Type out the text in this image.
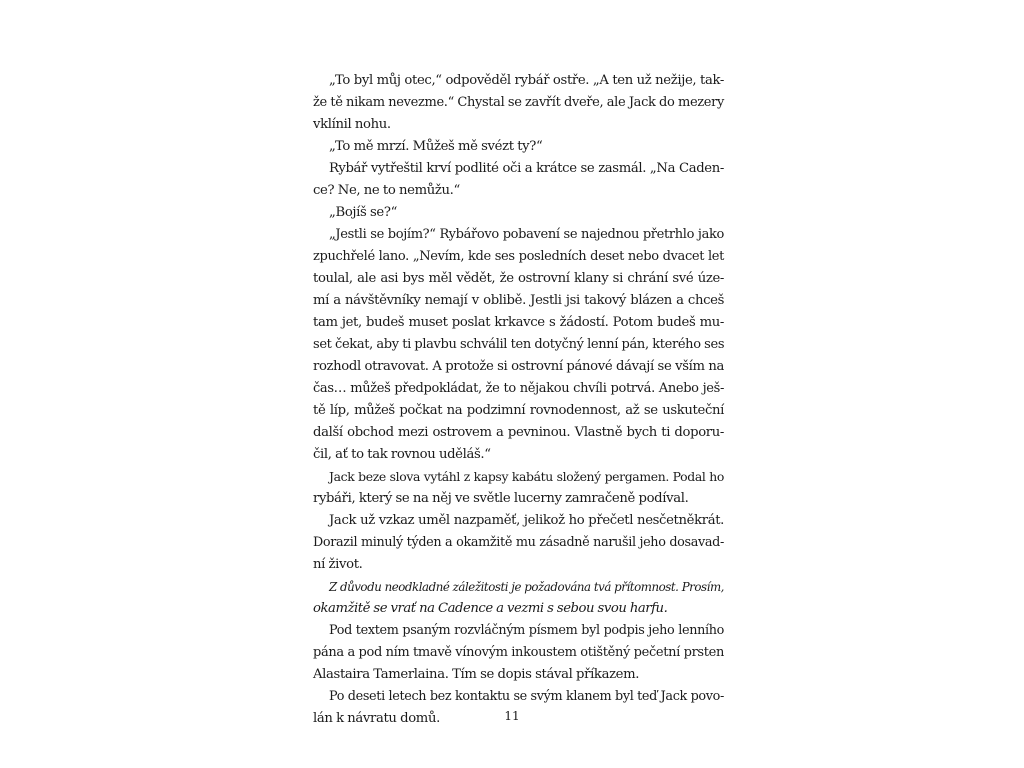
„To byl můj otec,“ odpověděl rybář ostře. „A ten už nežije, tak-
že tě nikam nevezme.“ Chystal se zavřít dveře, ale Jack do mezery
vklínil nohu.
„To mě mrzí. Můžeš mě svézt ty?“
Rybář vytřeštil krví podlité oči a krátce se zasmál. „Na Caden-
ce? Ne, ne to nemůžu.“
„Bojíš se?“
„Jestli se bojím?“ Rybářovo pobavení se najednou přetrhlo jako
zpuchřelé lano. „Nevím, kde ses posledních deset nebo dvacet let
toulal, ale asi bys měl vědět, že ostrovní klany si chrání své úze-
mí a návštěvníky nemají v oblibě. Jestli jsi takový blázen a chceš
tam jet, budeš muset poslat krkavce s žádostí. Potom budeš mu-
set čekat, aby ti plavbu schválil ten dotyčný lenní pán, kterého ses
rozhodl otravovat. A protože si ostrovní pánové dávají se vším na
čas… můžeš předpokládat, že to nějakou chvíli potrvá. Anebo ješ-
tě líp, můžeš počkat na podzimní rovnodennost, až se uskuteční
další obchod mezi ostrovem a pevninou. Vlastně bych ti doporu-
čil, ať to tak rovnou uděláš.“
Jack beze slova vytáhl z kapsy kabátu složený pergamen. Podal ho
rybáři, který se na něj ve světle lucerny zamračeně podíval.
Jack už vzkaz uměl nazpaměť, jelikož ho přečetl nesčetněkrát.
Dorazil minulý týden a okamžitě mu zásadně narušil jeho dosavad-
ní život.
Z důvodu neodkladné záležitosti je požadována tvá přítomnost. Prosím,
okamžitě se vrať na Cadence a vezmi s sebou svou harfu.
Pod textem psaným rozvláčným písmem byl podpis jeho lenního
pána a pod ním tmavě vínovým inkoustem otištěný pečetní prsten
Alastaira Tamerlaina. Tím se dopis stával příkazem.
Po deseti letech bez kontaktu se svým klanem byl teď Jack povo-
lán k návratu domů.	11
